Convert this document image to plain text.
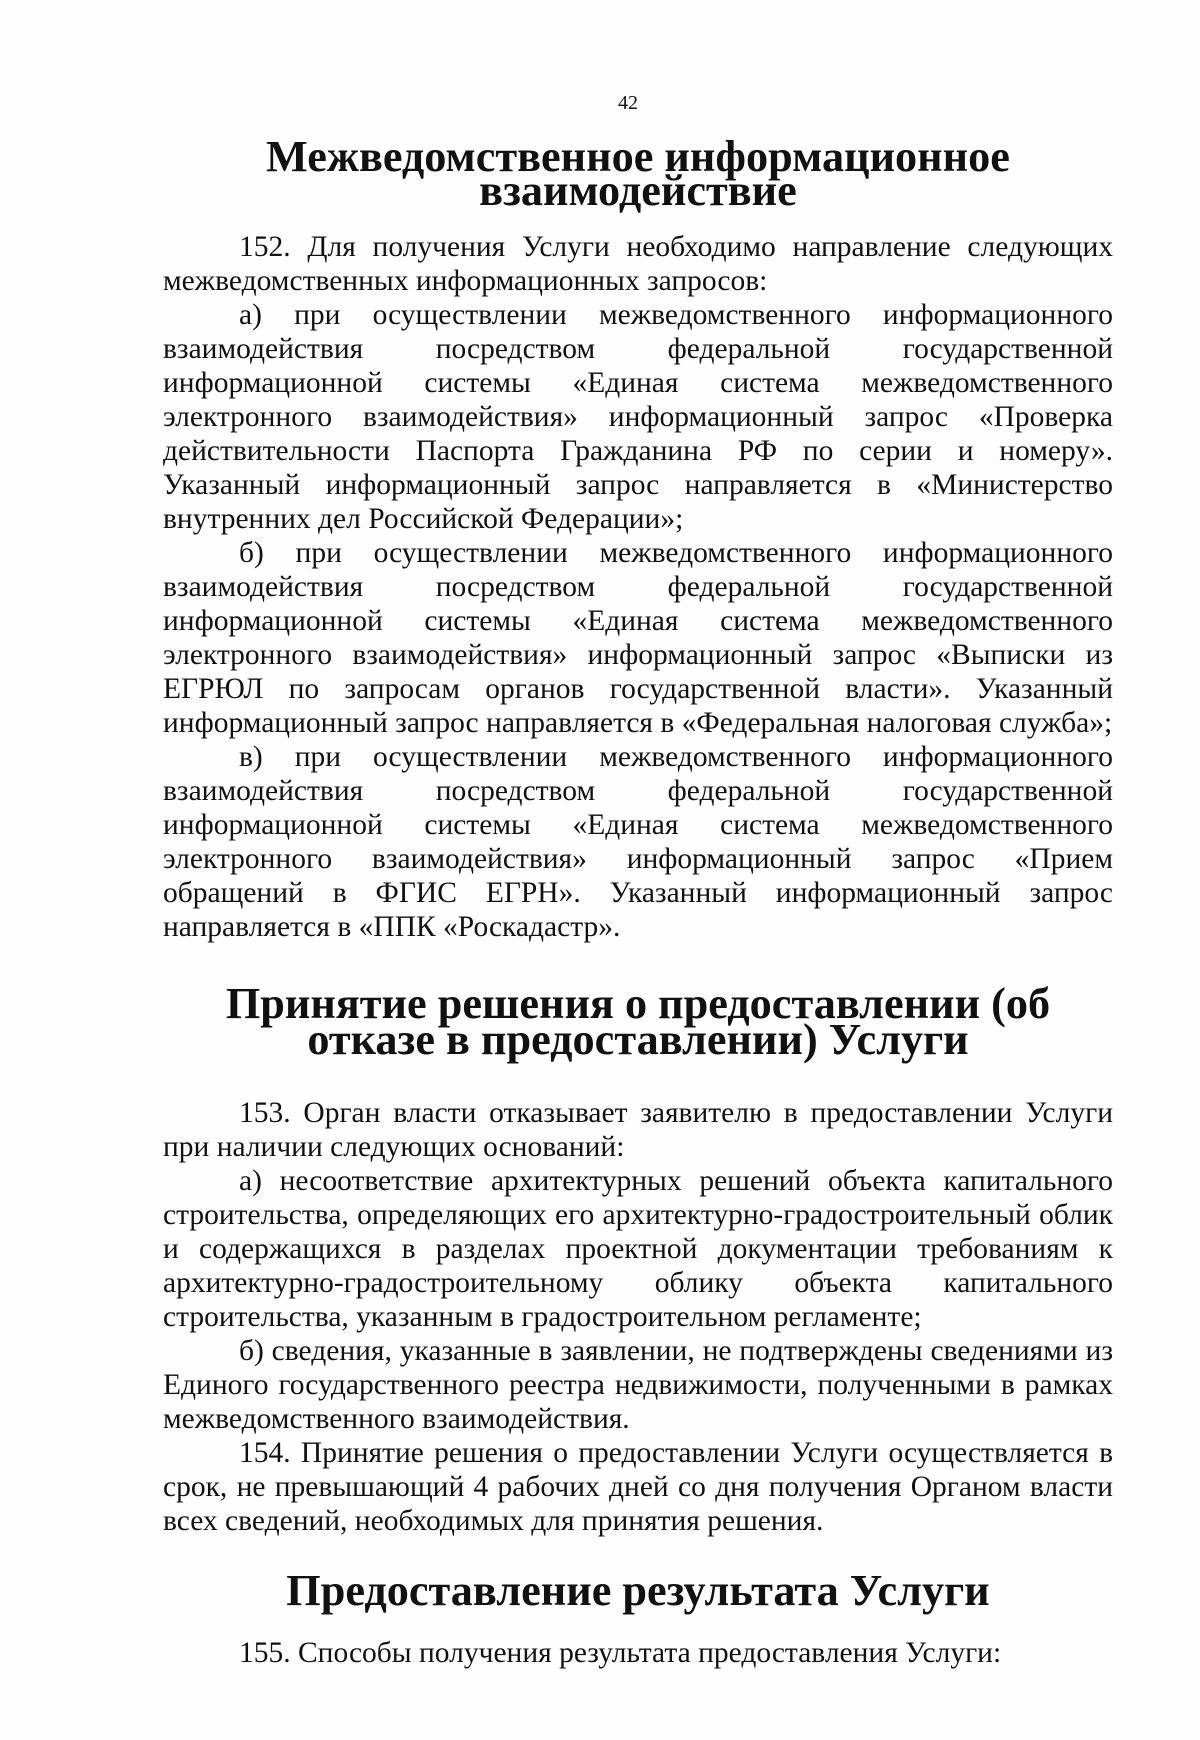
42
Межведомственное информационное взаимодействие

152. Для получения Услуги необходимо направление следующих межведомственных информационных запросов:

а) при осуществлении межведомственного информационного взаимодействия посредством федеральной государственной информационной системы «Единая система межведомственного электронного взаимодействия» информационный запрос «Проверка действительности Паспорта Гражданина РФ по серии и номеру». Указанный информационный запрос направляется в «Министерство внутренних дел Российской Федерации»;

б) при осуществлении межведомственного информационного взаимодействия посредством федеральной государственной информационной системы «Единая система межведомственного электронного взаимодействия» информационный запрос «Выписки из ЕГРЮЛ по запросам органов государственной власти». Указанный информационный запрос направляется в «Федеральная налоговая служба»;

в) при осуществлении межведомственного информационного взаимодействия посредством федеральной государственной информационной системы «Единая система межведомственного электронного взаимодействия» информационный запрос «Прием обращений в ФГИС ЕГРН». Указанный информационный запрос направляется в «ППК «Роскадастр».

Принятие решения о предоставлении (об отказе в предоставлении) Услуги

153. Орган власти отказывает заявителю в предоставлении Услуги при наличии следующих оснований:

а) несоответствие архитектурных решений объекта капитального строительства, определяющих его архитектурно-градостроительный облик и содержащихся в разделах проектной документации требованиям к архитектурно-градостроительному облику объекта капитального строительства, указанным в градостроительном регламенте;

б) сведения, указанные в заявлении, не подтверждены сведениями из Единого государственного реестра недвижимости, полученными в рамках межведомственного взаимодействия.

154. Принятие решения о предоставлении Услуги осуществляется в срок, не превышающий 4 рабочих дней со дня получения Органом власти всех сведений, необходимых для принятия решения.

Предоставление результата Услуги

155. Способы получения результата предоставления Услуги:
